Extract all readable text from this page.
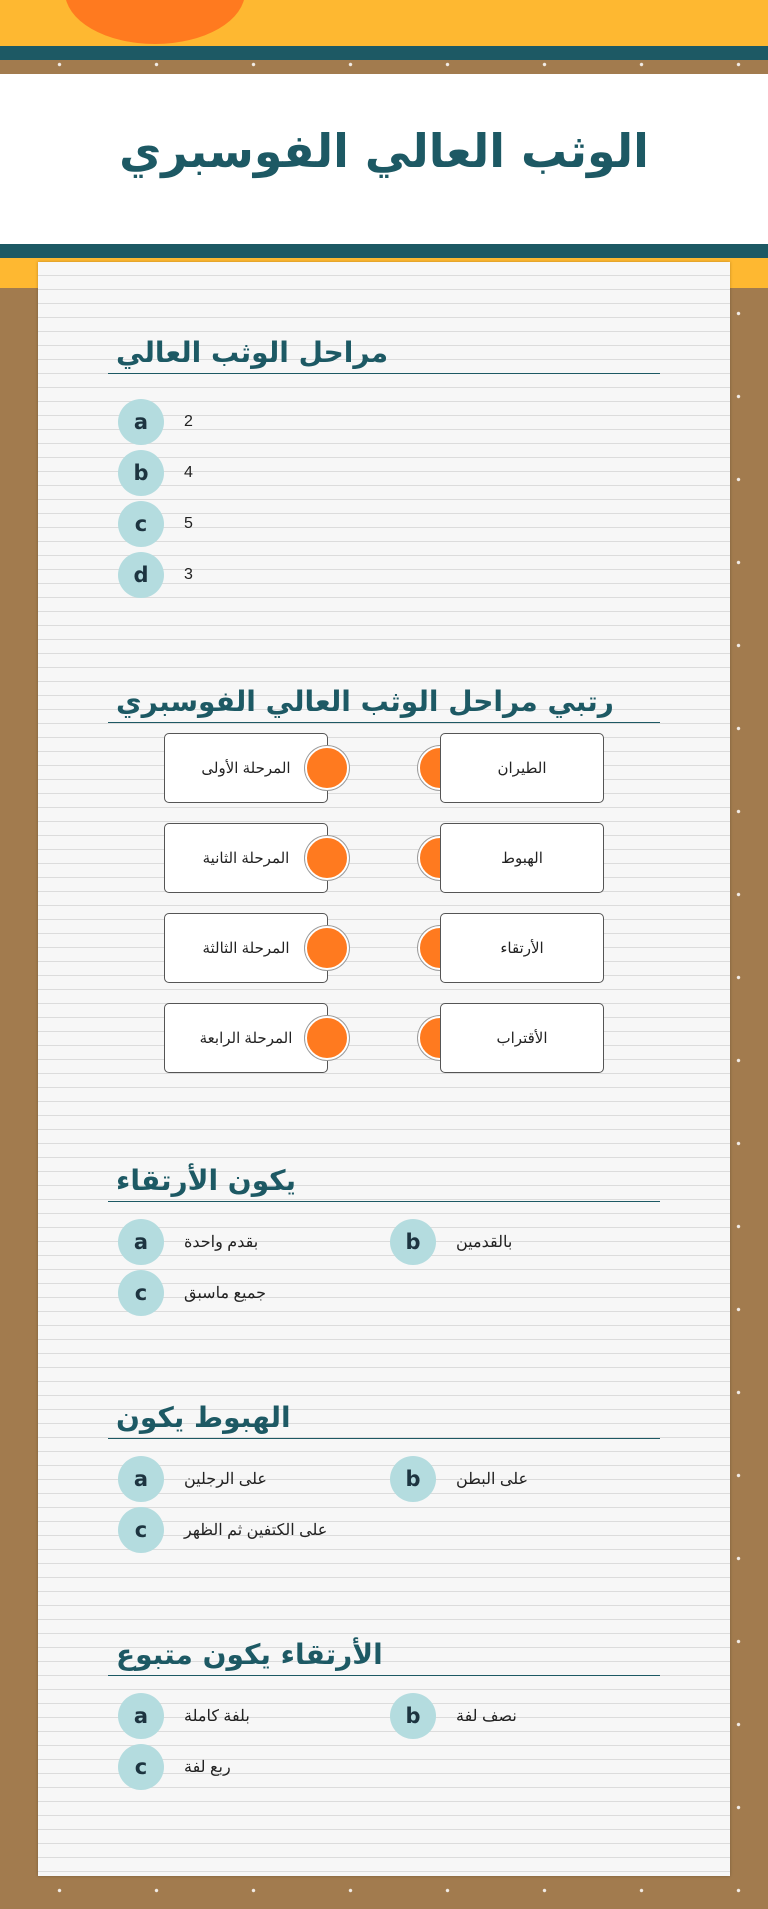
الوثب العالي الفوسبري
مراحل الوثب العالي
a	2
b	4
c	5
d	3
رتبي مراحل الوثب العالي الفوسبري
المرحلة الأولى	الطيران
المرحلة الثانية	الهبوط
المرحلة الثالثة	الأرتقاء
المرحلة الرابعة	الأقتراب
يكون الأرتقاء
a	بقدم واحدة	b	بالقدمين
c	جميع ماسبق
الهبوط يكون
a	على الرجلين	b	على البطن
c	على الكتفين ثم الظهر
الأرتقاء يكون متبوع
a	بلفة كاملة	b	نصف لفة
c	ربع لفة
